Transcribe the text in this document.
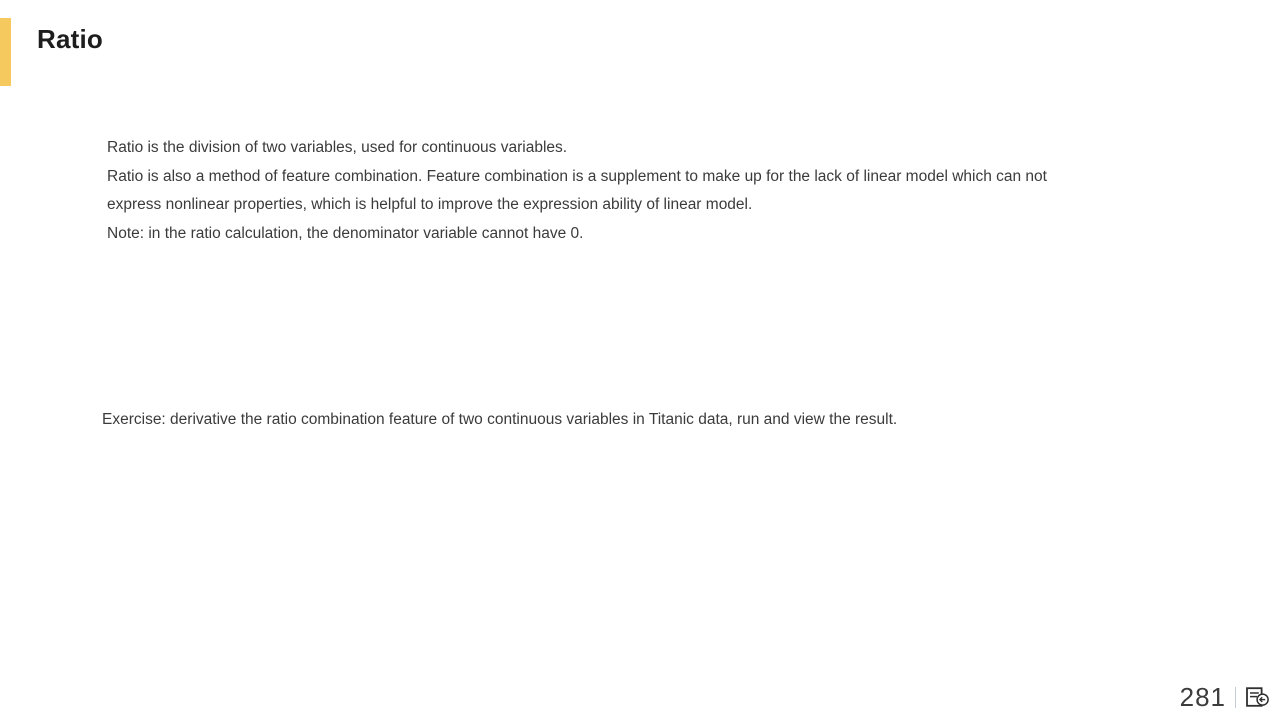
Ratio
Ratio is the division of two variables, used for continuous variables.
Ratio is also a method of feature combination. Feature combination is a supplement to make up for the lack of linear model which can not
express nonlinear properties, which is helpful to improve the expression ability of linear model.
Note: in the ratio calculation, the denominator variable cannot have 0.
Exercise: derivative the ratio combination feature of two continuous variables in Titanic data, run and view the result.
281
